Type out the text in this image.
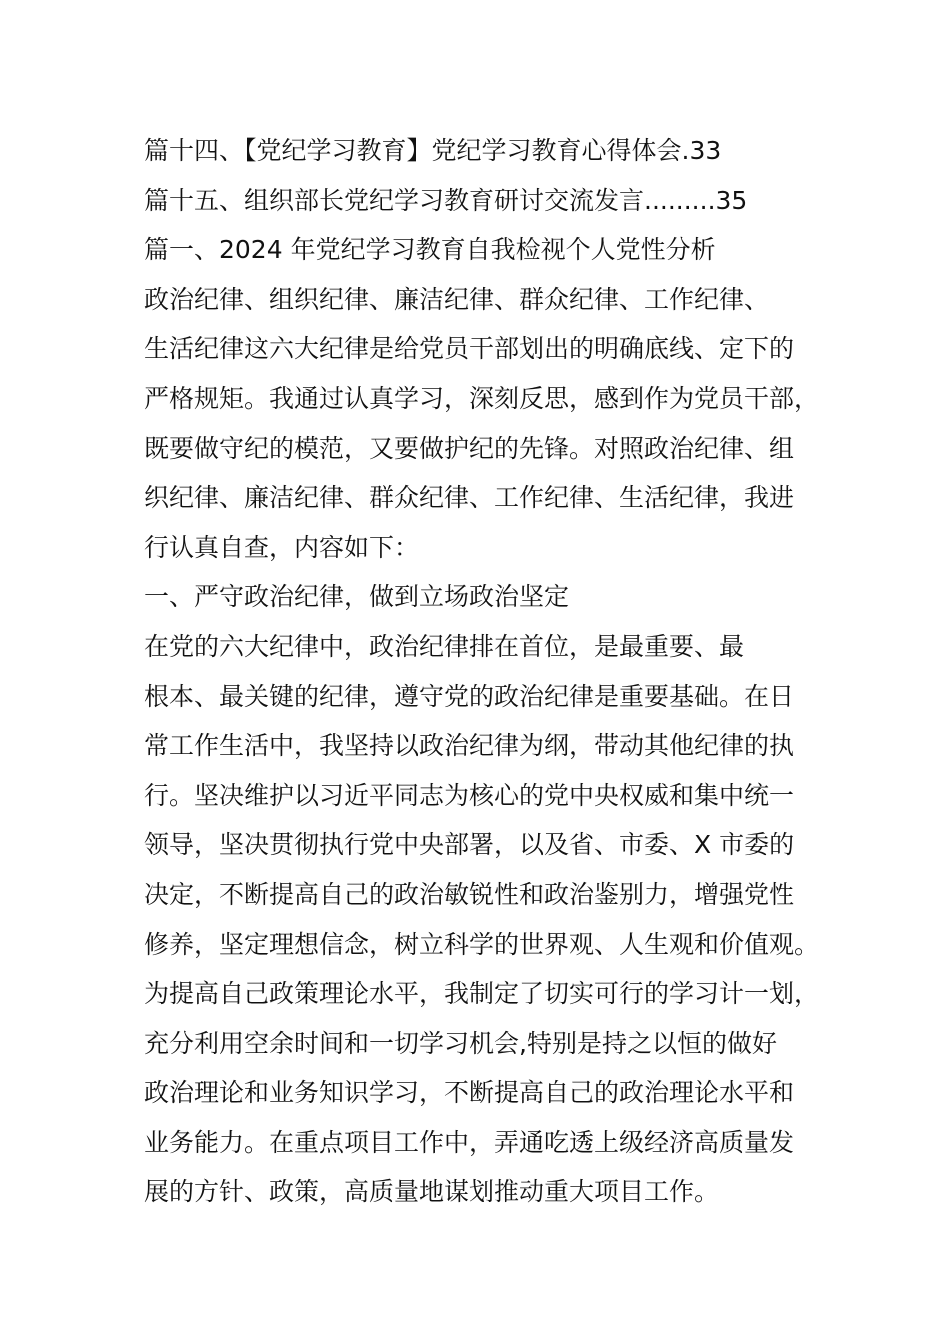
篇十四、【党纪学习教育】党纪学习教育心得体会.33
篇十五、组织部长党纪学习教育研讨交流发言.........35
篇一、2024 年党纪学习教育自我检视个人党性分析
政治纪律、组织纪律、廉洁纪律、群众纪律、工作纪律、
生活纪律这六大纪律是给党员干部划出的明确底线、定下的
严格规矩。我通过认真学习，深刻反思，感到作为党员干部，
既要做守纪的模范，又要做护纪的先锋。对照政治纪律、组
织纪律、廉洁纪律、群众纪律、工作纪律、生活纪律，我进
行认真自查，内容如下：
一、严守政治纪律，做到立场政治坚定
在党的六大纪律中，政治纪律排在首位，是最重要、最
根本、最关键的纪律，遵守党的政治纪律是重要基础。在日
常工作生活中，我坚持以政治纪律为纲，带动其他纪律的执
行。坚决维护以习近平同志为核心的党中央权威和集中统一
领导，坚决贯彻执行党中央部署，以及省、市委、X 市委的
决定，不断提高自己的政治敏锐性和政治鉴别力，增强党性
修养，坚定理想信念，树立科学的世界观、人生观和价值观。
为提高自己政策理论水平，我制定了切实可行的学习计一划，
充分利用空余时间和一切学习机会,特别是持之以恒的做好
政治理论和业务知识学习，不断提高自己的政治理论水平和
业务能力。在重点项目工作中，弄通吃透上级经济高质量发
展的方针、政策，高质量地谋划推动重大项目工作。
